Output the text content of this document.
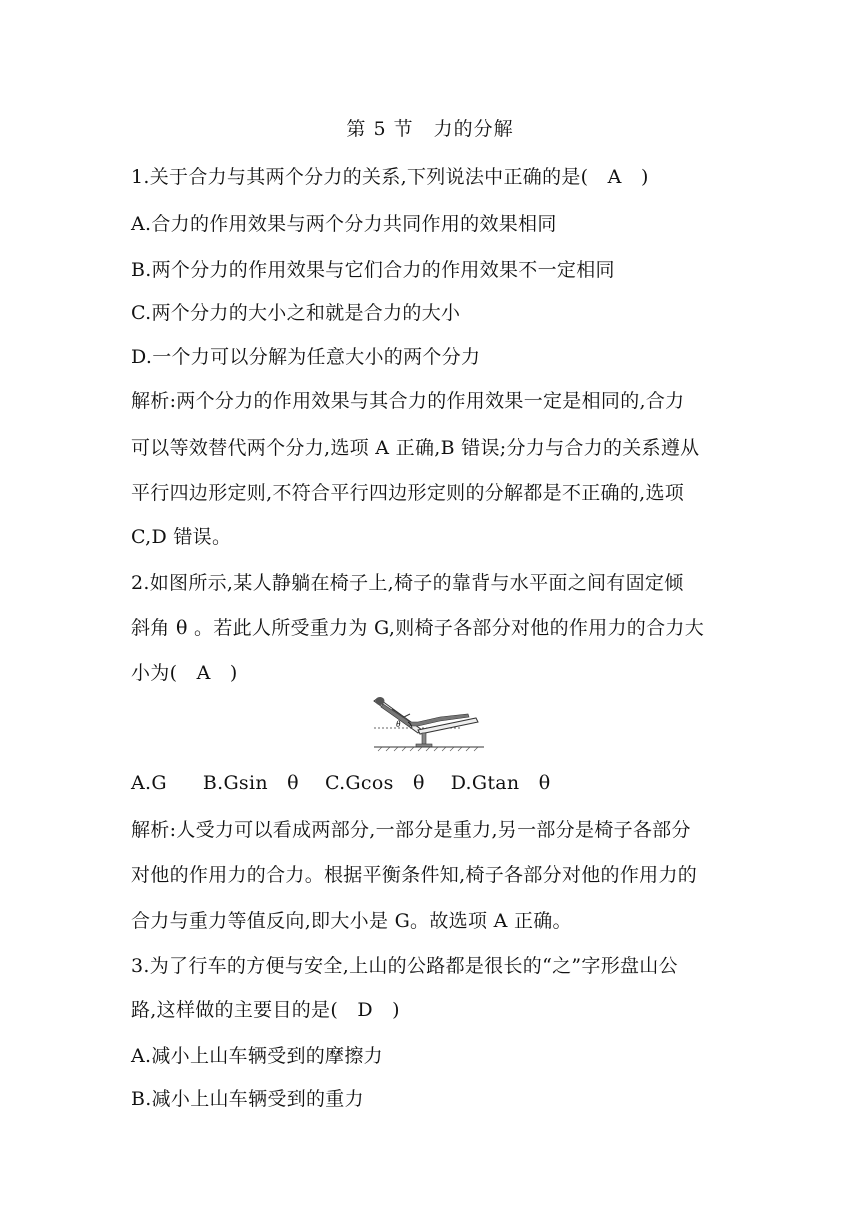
第 5 节　力的分解
1.关于合力与其两个分力的关系,下列说法中正确的是(　A　)
A.合力的作用效果与两个分力共同作用的效果相同
B.两个分力的作用效果与它们合力的作用效果不一定相同
C.两个分力的大小之和就是合力的大小
D.一个力可以分解为任意大小的两个分力
解析:两个分力的作用效果与其合力的作用效果一定是相同的,合力
可以等效替代两个分力,选项 A 正确,B 错误;分力与合力的关系遵从
平行四边形定则,不符合平行四边形定则的分解都是不正确的,选项
C,D 错误。
2.如图所示,某人静躺在椅子上,椅子的靠背与水平面之间有固定倾
斜角 θ 。若此人所受重力为 G,则椅子各部分对他的作用力的合力大
小为(　A　)
θ
A.G B.Gsin　θ C.Gcos　θ D.Gtan　θ
解析:人受力可以看成两部分,一部分是重力,另一部分是椅子各部分
对他的作用力的合力。根据平衡条件知,椅子各部分对他的作用力的
合力与重力等值反向,即大小是 G。故选项 A 正确。
3.为了行车的方便与安全,上山的公路都是很长的“之”字形盘山公
路,这样做的主要目的是(　D　)
A.减小上山车辆受到的摩擦力
B.减小上山车辆受到的重力
